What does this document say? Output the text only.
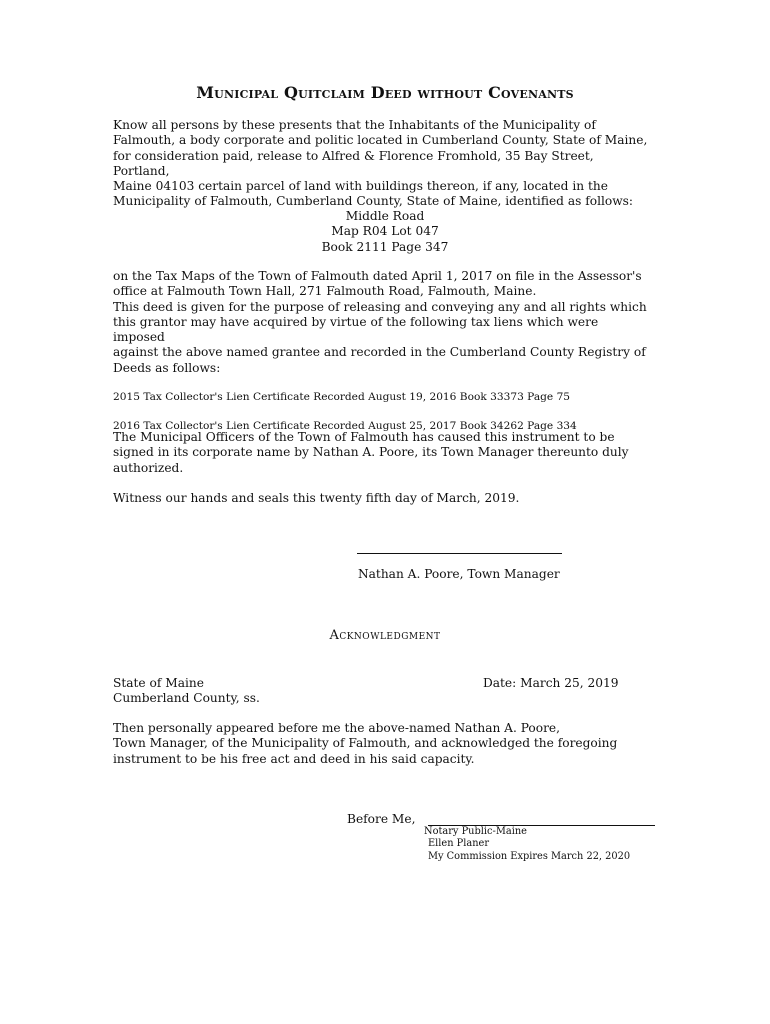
Municipal Quitclaim Deed without Covenants
Know all persons by these presents that the Inhabitants of the Municipality of
Falmouth, a body corporate and politic located in Cumberland County, State of Maine,
for consideration paid, release to Alfred & Florence Fromhold, 35 Bay Street, Portland,
Maine 04103 certain parcel of land with buildings thereon, if any, located in the
Municipality of Falmouth, Cumberland County, State of Maine, identified as follows:
Middle Road
Map R04 Lot 047
Book 2111 Page 347
on the Tax Maps of the Town of Falmouth dated April 1, 2017 on file in the Assessor's
office at Falmouth Town Hall, 271 Falmouth Road, Falmouth, Maine.
This deed is given for the purpose of releasing and conveying any and all rights which
this grantor may have acquired by virtue of the following tax liens which were imposed
against the above named grantee and recorded in the Cumberland County Registry of
Deeds as follows:

2015 Tax Collector's Lien Certificate Recorded August 19, 2016 Book 33373 Page 75

2016 Tax Collector's Lien Certificate Recorded August 25, 2017 Book 34262 Page 334

The Municipal Officers of the Town of Falmouth has caused this instrument to be
signed in its corporate name by Nathan A. Poore, its Town Manager thereunto duly
authorized.
Witness our hands and seals this twenty fifth day of March, 2019.
Nathan A. Poore, Town Manager
Acknowledgment
State of Maine
Cumberland County, ss.
Date: March 25, 2019
Then personally appeared before me the above-named Nathan A. Poore,
Town Manager, of the Municipality of Falmouth, and acknowledged the foregoing
instrument to be his free act and deed in his said capacity.
Before Me,
Notary Public-Maine
Ellen Planer
My Commission Expires March 22, 2020
